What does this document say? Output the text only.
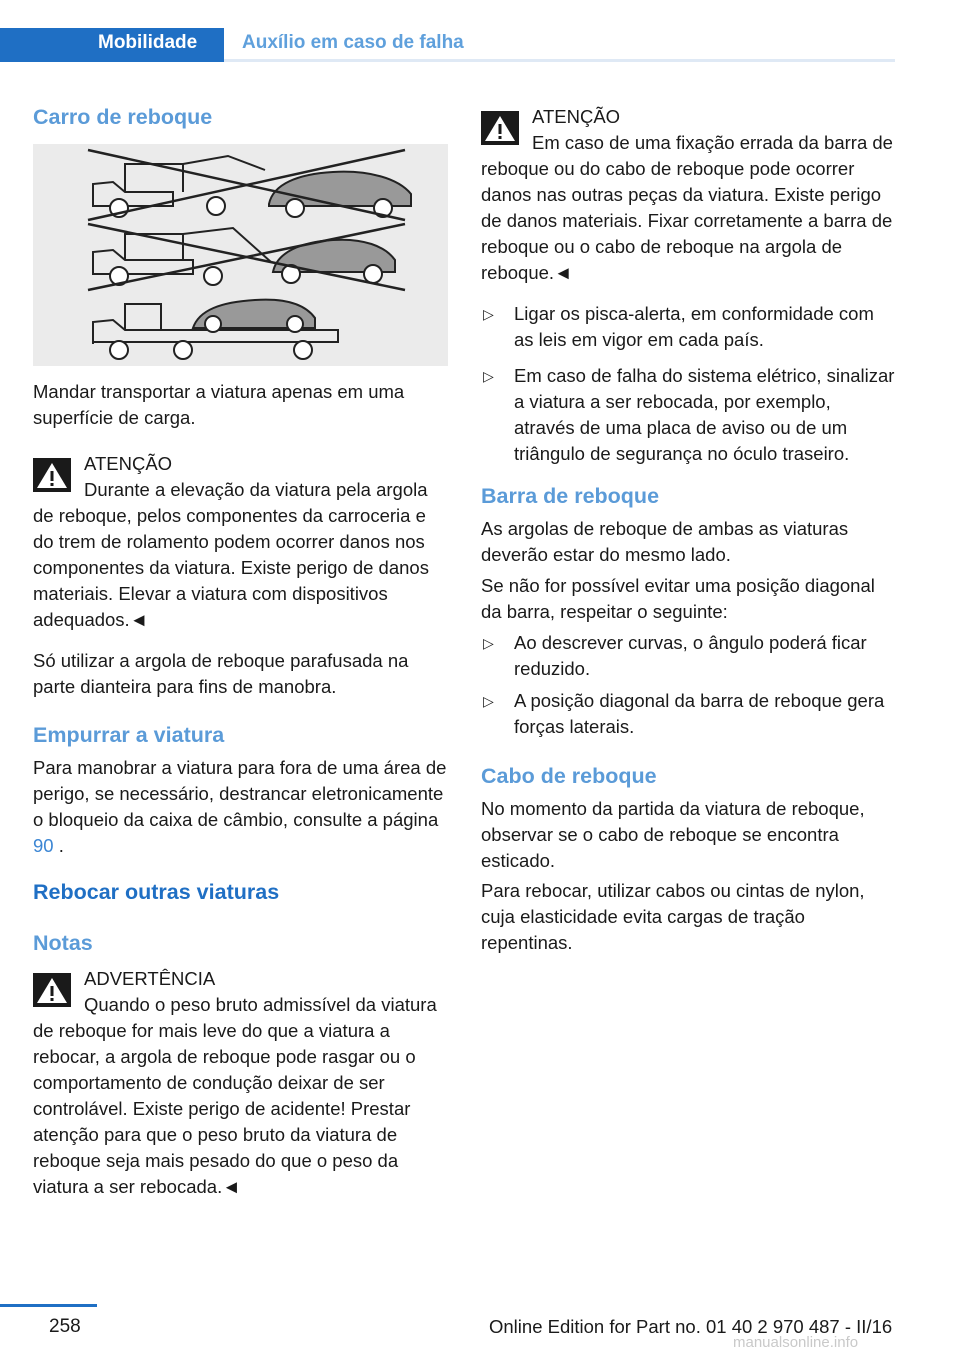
Mobilidade	Auxílio em caso de falha
Carro de reboque
Mandar transportar a viatura apenas em uma superfície de carga.
ATENÇÃO
Durante a elevação da viatura pela argola de reboque, pelos componentes da carroceria e do trem de rolamento podem ocorrer danos nos componentes da viatura. Existe perigo de danos materiais. Elevar a viatura com dispositivos adequados.◄
Só utilizar a argola de reboque parafusada na parte dianteira para fins de manobra.
Empurrar a viatura
Para manobrar a viatura para fora de uma área de perigo, se necessário, destrancar eletronicamente o bloqueio da caixa de câmbio, consulte a página 90 .
Rebocar outras viaturas
Notas
ADVERTÊNCIA
Quando o peso bruto admissível da viatura de reboque for mais leve do que a viatura a rebocar, a argola de reboque pode rasgar ou o comportamento de condução deixar de ser controlável. Existe perigo de acidente! Prestar atenção para que o peso bruto da viatura de reboque seja mais pesado do que o peso da viatura a ser rebocada.◄
ATENÇÃO
Em caso de uma fixação errada da barra de reboque ou do cabo de reboque pode ocorrer danos nas outras peças da viatura. Existe perigo de danos materiais. Fixar corretamente a barra de reboque ou o cabo de reboque na argola de reboque.◄
▷ Ligar os pisca-alerta, em conformidade com as leis em vigor em cada país.
▷ Em caso de falha do sistema elétrico, sinalizar a viatura a ser rebocada, por exemplo, através de uma placa de aviso ou de um triângulo de segurança no óculo traseiro.
Barra de reboque
As argolas de reboque de ambas as viaturas deverão estar do mesmo lado.
Se não for possível evitar uma posição diagonal da barra, respeitar o seguinte:
▷ Ao descrever curvas, o ângulo poderá ficar reduzido.
▷ A posição diagonal da barra de reboque gera forças laterais.
Cabo de reboque
No momento da partida da viatura de reboque, observar se o cabo de reboque se encontra esticado.
Para rebocar, utilizar cabos ou cintas de nylon, cuja elasticidade evita cargas de tração repentinas.
258	Online Edition for Part no. 01 40 2 970 487 - II/16
manualsonline.info
